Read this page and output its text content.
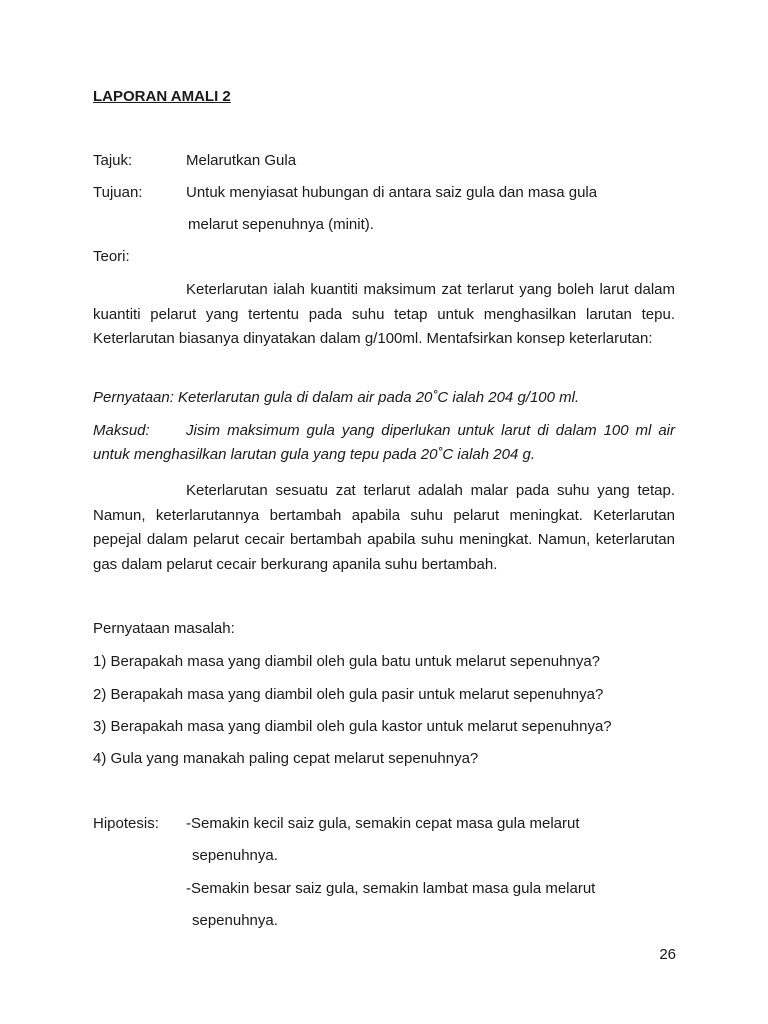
LAPORAN AMALI 2
Tajuk:	Melarutkan Gula
Tujuan:	Untuk menyiasat hubungan di antara saiz gula dan masa gula
melarut sepenuhnya (minit).
Teori:
Keterlarutan ialah kuantiti maksimum zat terlarut yang boleh larut dalam kuantiti pelarut yang tertentu pada suhu tetap untuk menghasilkan larutan tepu. Keterlarutan biasanya dinyatakan dalam g/100ml. Mentafsirkan konsep keterlarutan:
Pernyataan: Keterlarutan gula di dalam air pada 20˚C ialah 204 g/100 ml.
Maksud: Jisim maksimum gula yang diperlukan untuk larut di dalam 100 ml air
untuk menghasilkan larutan gula yang tepu pada 20˚C ialah 204 g.
Keterlarutan sesuatu zat terlarut adalah malar pada suhu yang tetap. Namun, keterlarutannya bertambah apabila suhu pelarut meningkat. Keterlarutan pepejal dalam pelarut cecair bertambah apabila suhu meningkat. Namun, keterlarutan gas dalam pelarut cecair berkurang apanila suhu bertambah.
Pernyataan masalah:
1) Berapakah masa yang diambil oleh gula batu untuk melarut sepenuhnya?
2) Berapakah masa yang diambil oleh gula pasir untuk melarut sepenuhnya?
3) Berapakah masa yang diambil oleh gula kastor untuk melarut sepenuhnya?
4) Gula yang manakah paling cepat melarut sepenuhnya?
Hipotesis: -Semakin kecil saiz gula, semakin cepat masa gula melarut
sepenuhnya.
-Semakin besar saiz gula, semakin lambat masa gula melarut
sepenuhnya.
26
